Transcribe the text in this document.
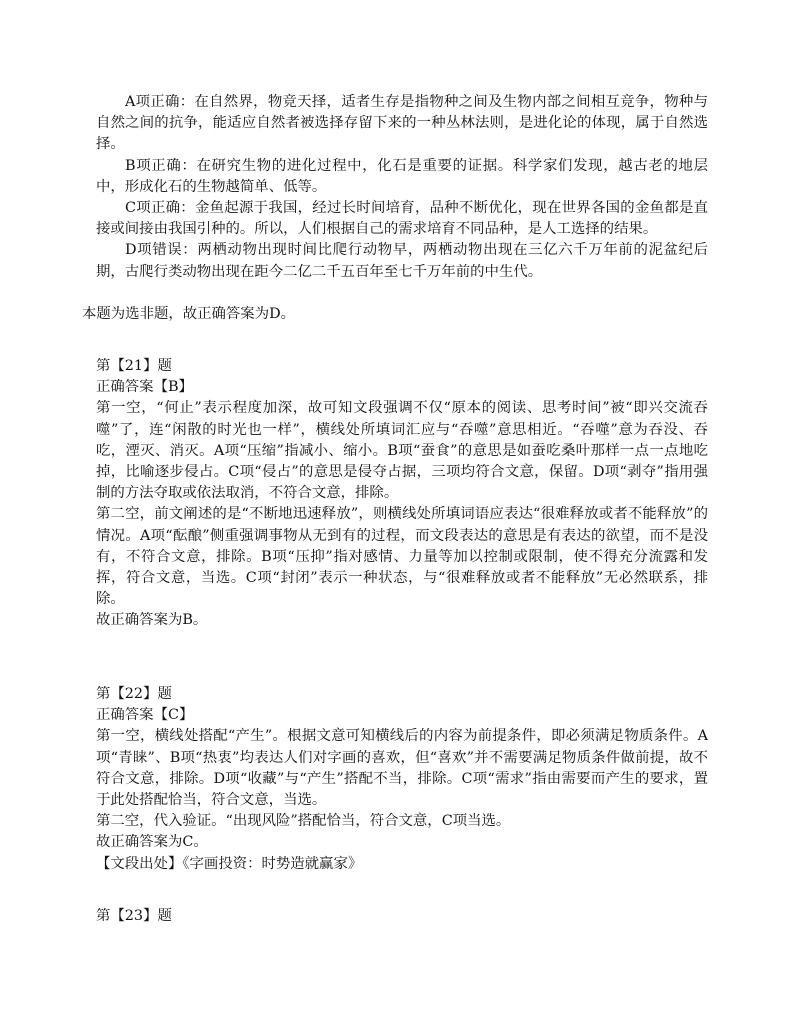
A项正确：在自然界，物竞天择，适者生存是指物种之间及生物内部之间相互竞争，物种与自然之间的抗争，能适应自然者被选择存留下来的一种丛林法则，是进化论的体现，属于自然选择。

B项正确：在研究生物的进化过程中，化石是重要的证据。科学家们发现，越古老的地层中，形成化石的生物越简单、低等。

C项正确：金鱼起源于我国，经过长时间培育，品种不断优化，现在世界各国的金鱼都是直接或间接由我国引种的。所以，人们根据自己的需求培育不同品种，是人工选择的结果。

D项错误：两栖动物出现时间比爬行动物早，两栖动物出现在三亿六千万年前的泥盆纪后期，古爬行类动物出现在距今二亿二千五百年至七千万年前的中生代。

本题为选非题，故正确答案为D。

第【21】题

正确答案【B】

第一空，“何止”表示程度加深，故可知文段强调不仅“原本的阅读、思考时间”被“即兴交流吞噬”了，连“闲散的时光也一样”，横线处所填词汇应与“吞噬”意思相近。“吞噬”意为吞没、吞吃，湮灭、消灭。A项“压缩”指减小、缩小。B项“蚕食”的意思是如蚕吃桑叶那样一点一点地吃掉，比喻逐步侵占。C项“侵占”的意思是侵夺占据，三项均符合文意，保留。D项“剥夺”指用强制的方法夺取或依法取消，不符合文意，排除。

第二空，前文阐述的是“不断地迅速释放”，则横线处所填词语应表达“很难释放或者不能释放”的情况。A项“酝酿”侧重强调事物从无到有的过程，而文段表达的意思是有表达的欲望，而不是没有，不符合文意，排除。B项“压抑”指对感情、力量等加以控制或限制，使不得充分流露和发挥，符合文意，当选。C项“封闭”表示一种状态，与“很难释放或者不能释放”无必然联系，排除。

故正确答案为B。

第【22】题

正确答案【C】

第一空，横线处搭配“产生”。根据文意可知横线后的内容为前提条件，即必须满足物质条件。A项“青睐”、B项“热衷”均表达人们对字画的喜欢，但“喜欢”并不需要满足物质条件做前提，故不符合文意，排除。D项“收藏”与“产生”搭配不当，排除。C项“需求”指由需要而产生的要求，置于此处搭配恰当，符合文意，当选。

第二空，代入验证。“出现风险”搭配恰当，符合文意，C项当选。

故正确答案为C。

【文段出处】《字画投资：时势造就赢家》

第【23】题
